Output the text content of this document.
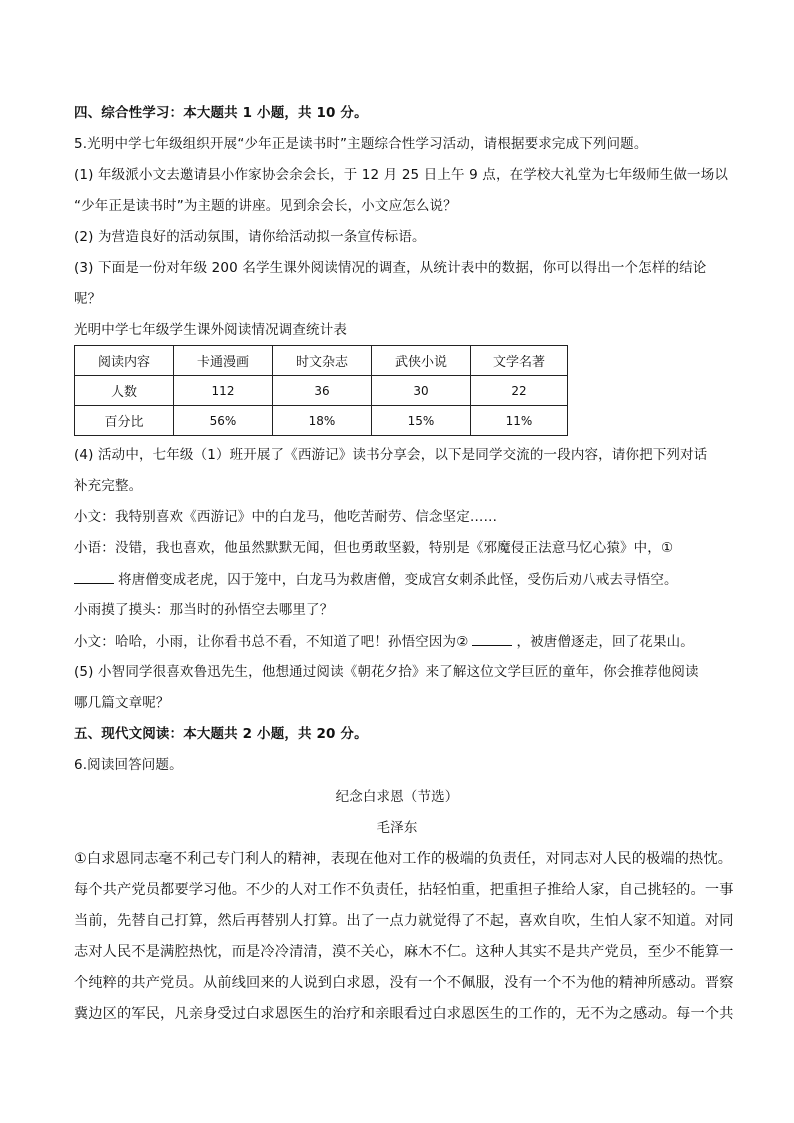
四、综合性学习：本大题共 1 小题，共 10 分。
5.光明中学七年级组织开展“少年正是读书时”主题综合性学习活动，请根据要求完成下列问题。
(1) 年级派小文去邀请县小作家协会余会长，于 12 月 25 日上午 9 点，在学校大礼堂为七年级师生做一场以
“少年正是读书时”为主题的讲座。见到余会长，小文应怎么说？
(2) 为营造良好的活动氛围，请你给活动拟一条宣传标语。
(3) 下面是一份对年级 200 名学生课外阅读情况的调查，从统计表中的数据，你可以得出一个怎样的结论
呢？
光明中学七年级学生课外阅读情况调查统计表
阅读内容	卡通漫画	时文杂志	武侠小说	文学名著
人数	112	36	30	22
百分比	56%	18%	15%	11%
(4) 活动中，七年级（1）班开展了《西游记》读书分享会，以下是同学交流的一段内容，请你把下列对话
补充完整。
小文：我特别喜欢《西游记》中的白龙马，他吃苦耐劳、信念坚定……
小语：没错，我也喜欢，他虽然默默无闻，但也勇敢坚毅，特别是《邪魔侵正法意马忆心猿》中，①
将唐僧变成老虎，囚于笼中，白龙马为救唐僧，变成宫女刺杀此怪，受伤后劝八戒去寻悟空。
小雨摸了摸头：那当时的孙悟空去哪里了？
小文：哈哈，小雨，让你看书总不看，不知道了吧！孙悟空因为②	，被唐僧逐走，回了花果山。
(5) 小智同学很喜欢鲁迅先生，他想通过阅读《朝花夕拾》来了解这位文学巨匠的童年，你会推荐他阅读
哪几篇文章呢？
五、现代文阅读：本大题共 2 小题，共 20 分。
6.阅读回答问题。
纪念白求恩（节选）
毛泽东
①白求恩同志毫不利己专门利人的精神，表现在他对工作的极端的负责任，对同志对人民的极端的热忱。
每个共产党员都要学习他。不少的人对工作不负责任，拈轻怕重，把重担子推给人家，自己挑轻的。一事
当前，先替自己打算，然后再替别人打算。出了一点力就觉得了不起，喜欢自吹，生怕人家不知道。对同
志对人民不是满腔热忱，而是冷冷清清，漠不关心，麻木不仁。这种人其实不是共产党员，至少不能算一
个纯粹的共产党员。从前线回来的人说到白求恩，没有一个不佩服，没有一个不为他的精神所感动。晋察
冀边区的军民，凡亲身受过白求恩医生的治疗和亲眼看过白求恩医生的工作的，无不为之感动。每一个共
